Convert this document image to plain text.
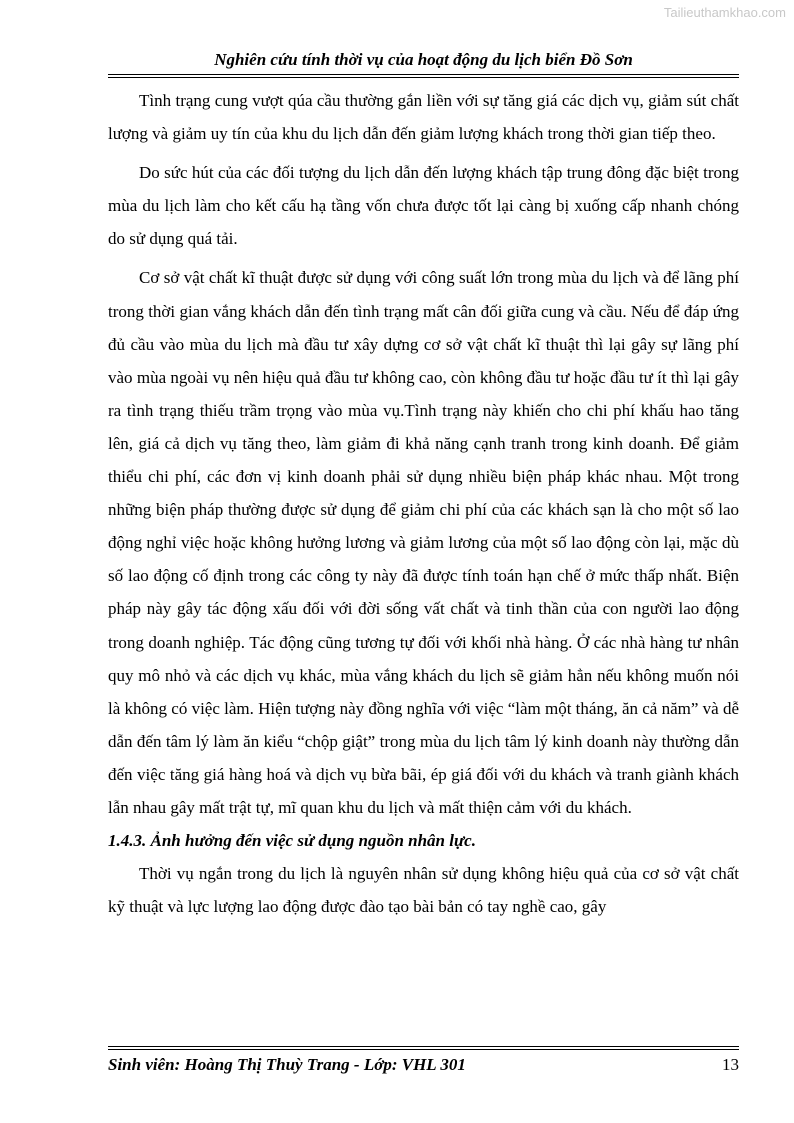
Tailieuthamkhao.com
Nghiên cứu tính thời vụ của hoạt động du lịch biển Đồ Sơn

Tình trạng cung vượt qúa cầu thường gắn liền với sự tăng giá các dịch vụ, giảm sút chất lượng và giảm uy tín của khu du lịch dẫn đến giảm lượng khách trong thời gian tiếp theo.

Do sức hút của các đối tượng du lịch dẫn đến lượng khách tập trung đông đặc biệt trong mùa du lịch làm cho kết cấu hạ tầng vốn chưa được tốt lại càng bị xuống cấp nhanh chóng do sử dụng quá tải.

Cơ sở vật chất kĩ thuật được sử dụng với công suất lớn trong mùa du lịch và để lãng phí trong thời gian vắng khách dẫn đến tình trạng mất cân đối giữa cung và cầu. Nếu để đáp ứng đủ cầu vào mùa du lịch mà đầu tư xây dựng cơ sở vật chất kĩ thuật thì lại gây sự lãng phí vào mùa ngoài vụ nên hiệu quả đầu tư không cao, còn không đầu tư hoặc đầu tư ít thì lại gây ra tình trạng thiếu trầm trọng vào mùa vụ.Tình trạng này khiến cho chi phí khấu hao tăng lên, giá cả dịch vụ tăng theo, làm giảm đi khả năng cạnh tranh trong kinh doanh. Để giảm thiểu chi phí, các đơn vị kinh doanh phải sử dụng nhiều biện pháp khác nhau. Một trong những biện pháp thường được sử dụng để giảm chi phí của các khách sạn là cho một số lao động nghỉ việc hoặc không hưởng lương và giảm lương của một số lao động còn lại, mặc dù số lao động cố định trong các công ty này đã được tính toán hạn chế ở mức thấp nhất. Biện pháp này gây tác động xấu đối với đời sống vất chất và tinh thần của con người lao động trong doanh nghiệp. Tác động cũng tương tự đối với khối nhà hàng. Ở các nhà hàng tư nhân quy mô nhỏ và các dịch vụ khác, mùa vắng khách du lịch sẽ giảm hẳn nếu không muốn nói là không có việc làm. Hiện tượng này đồng nghĩa với việc “làm một tháng, ăn cả năm” và dễ dẫn đến tâm lý làm ăn kiểu “chộp giật” trong mùa du lịch tâm lý kinh doanh này thường dẫn đến việc tăng giá hàng hoá và dịch vụ bừa bãi, ép giá đối với du khách và tranh giành khách lẫn nhau gây mất trật tự, mĩ quan khu du lịch và mất thiện cảm với du khách.

1.4.3. Ảnh hưởng đến việc sử dụng nguồn nhân lực.

Thời vụ ngắn trong du lịch là nguyên nhân sử dụng không hiệu quả của cơ sở vật chất kỹ thuật và lực lượng lao động được đào tạo bài bản có tay nghề cao, gây

Sinh viên: Hoàng Thị Thuỳ Trang - Lớp: VHL 301	13
